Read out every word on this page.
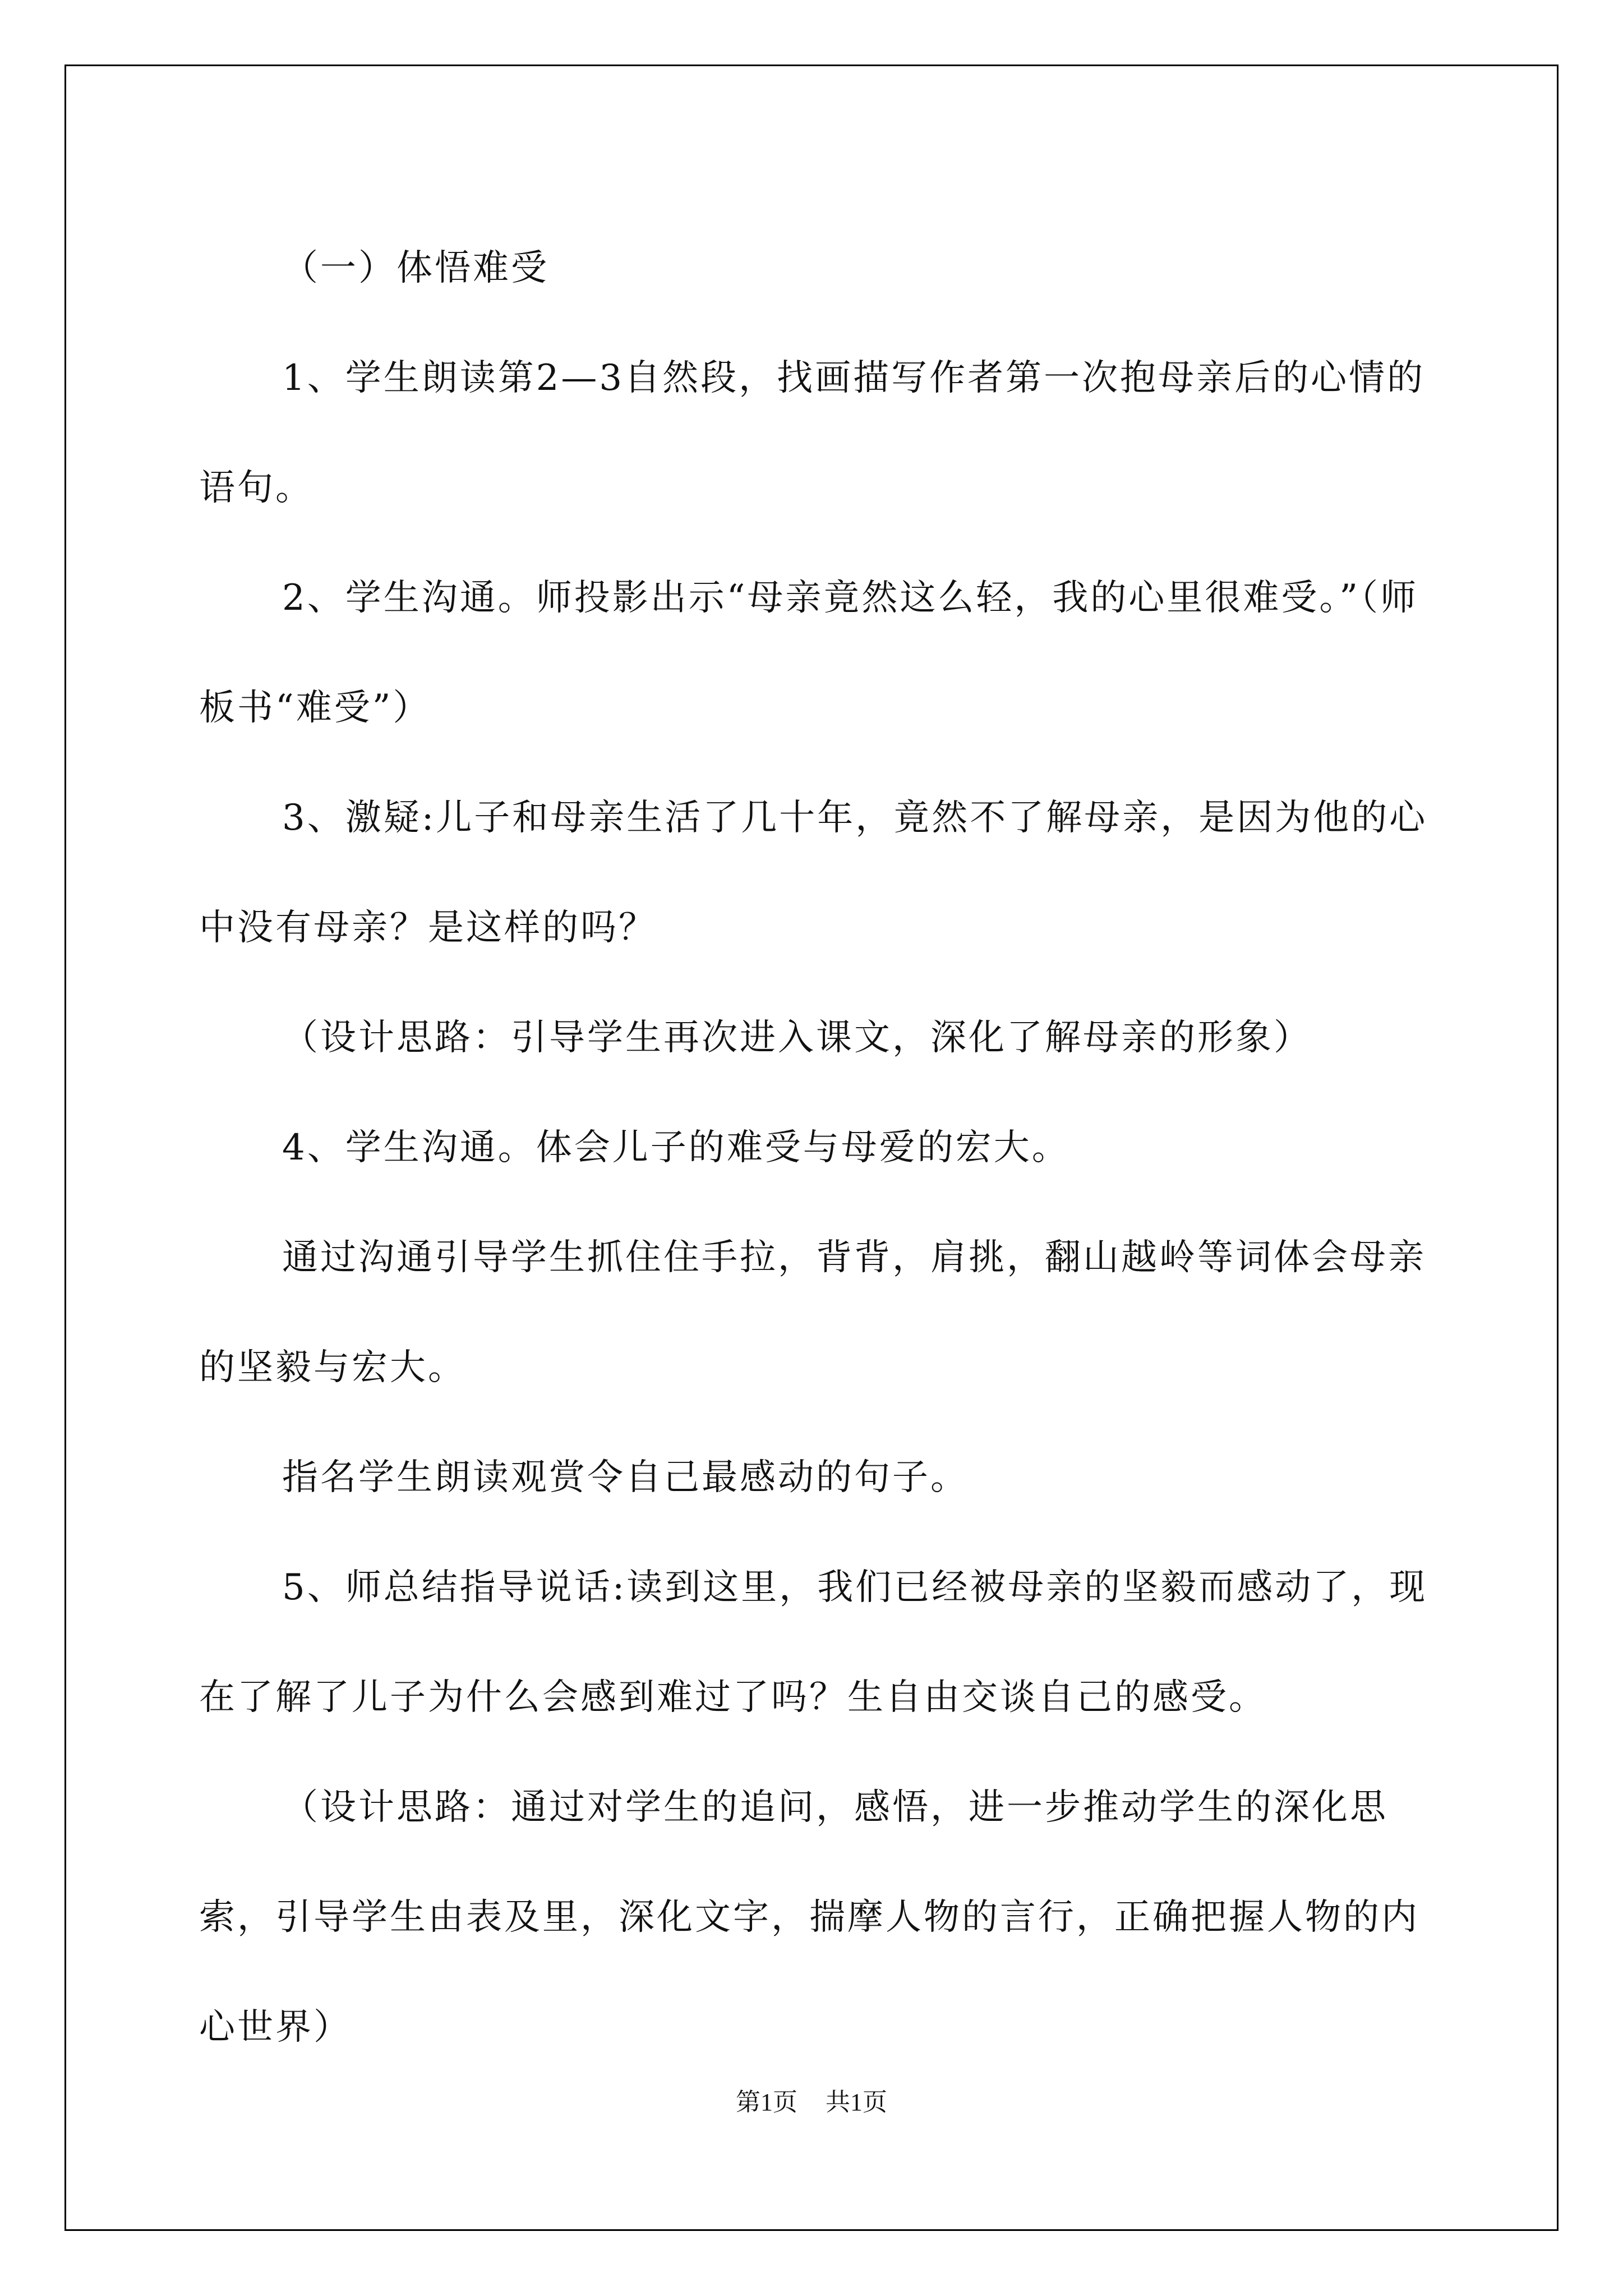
（一）体悟难受

1、学生朗读第2—3自然段，找画描写作者第一次抱母亲后的心情的语句。

2、学生沟通。师投影出示“母亲竟然这么轻，我的心里很难受。”（师板书“难受”）

3、激疑:儿子和母亲生活了几十年，竟然不了解母亲，是因为他的心中没有母亲？是这样的吗？

（设计思路：引导学生再次进入课文，深化了解母亲的形象）

4、学生沟通。体会儿子的难受与母爱的宏大。

通过沟通引导学生抓住住手拉，背背，肩挑，翻山越岭等词体会母亲的坚毅与宏大。

指名学生朗读观赏令自己最感动的句子。

5、师总结指导说话:读到这里，我们已经被母亲的坚毅而感动了，现在了解了儿子为什么会感到难过了吗？生自由交谈自己的感受。

（设计思路：通过对学生的追问，感悟，进一步推动学生的深化思索，引导学生由表及里，深化文字，揣摩人物的言行，正确把握人物的内心世界）

第1页 共1页
